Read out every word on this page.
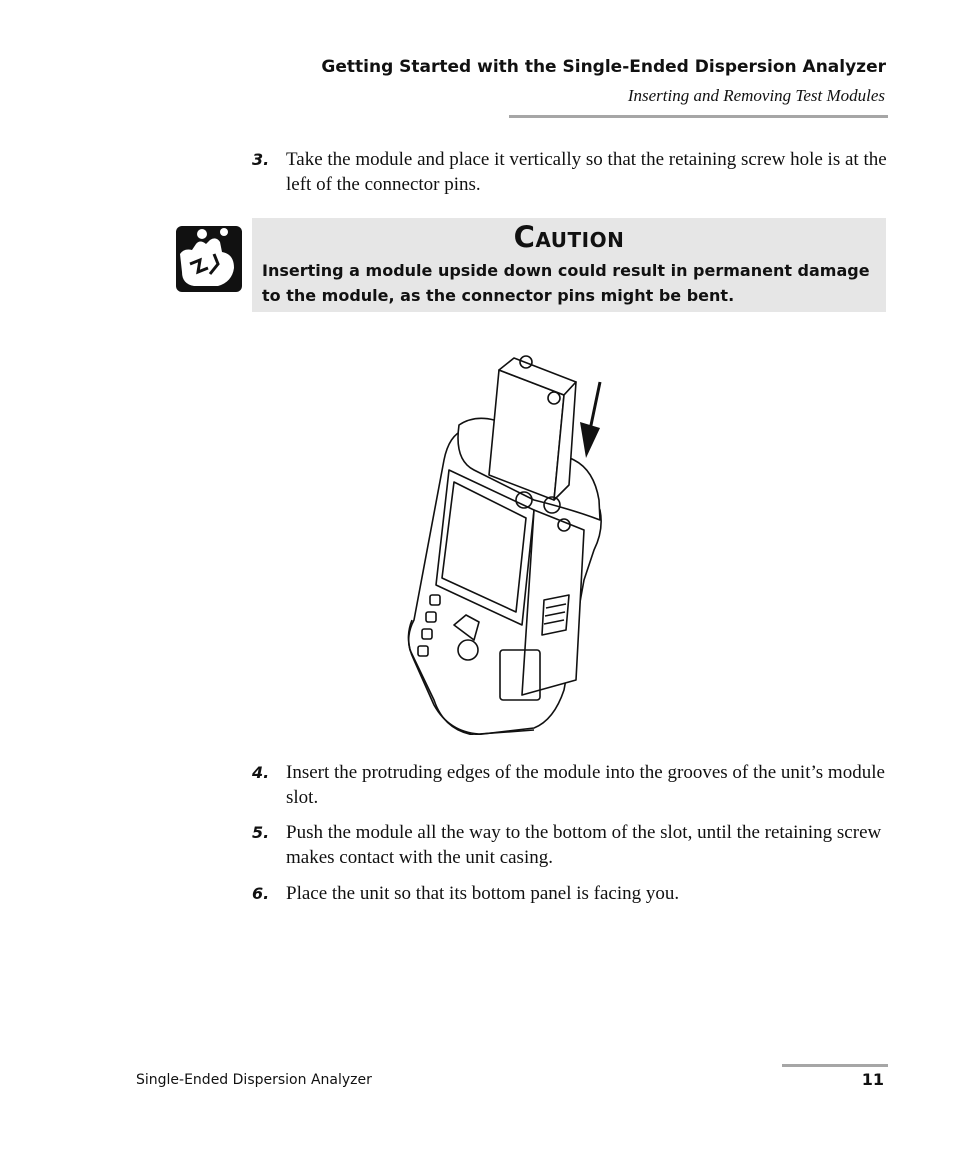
Getting Started with the Single-Ended Dispersion Analyzer
Inserting and Removing Test Modules
3. Take the module and place it vertically so that the retaining screw hole is at the left of the connector pins.
Caution
Inserting a module upside down could result in permanent damage to the module, as the connector pins might be bent.
4. Insert the protruding edges of the module into the grooves of the unit’s module slot.
5. Push the module all the way to the bottom of the slot, until the retaining screw makes contact with the unit casing.
6. Place the unit so that its bottom panel is facing you.
Single-Ended Dispersion Analyzer	11
